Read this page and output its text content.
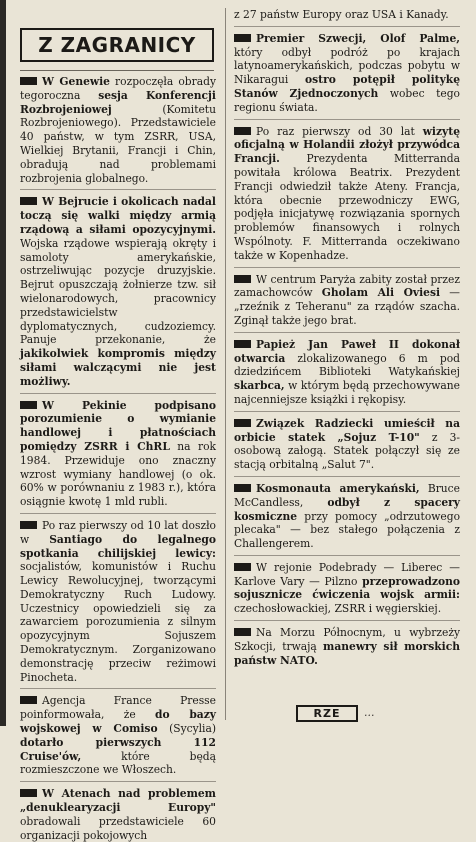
Z ZAGRANICY

W Genewie rozpoczęła obrady tegoroczna sesja Konferencji Rozbrojeniowej (Komitetu Rozbrojeniowego). Przedstawiciele 40 państw, w tym ZSRR, USA, Wielkiej Brytanii, Francji i Chin, obradują nad problemami rozbrojenia globalnego.

W Bejrucie i okolicach nadal toczą się walki między armią rządową a siłami opozycyjnymi. Wojska rządowe wspierają okręty i samoloty amerykańskie, ostrzeliwując pozycje druzyjskie. Bejrut opuszczają żołnierze tzw. sił wielonarodowych, pracownicy przedstawicielstw dyplomatycznych, cudzoziemcy. Panuje przekonanie, że jakikolwiek kompromis między siłami walczącymi nie jest możliwy.

W Pekinie podpisano porozumienie o wymianie handlowej i płatnościach pomiędzy ZSRR i ChRL na rok 1984. Przewiduje ono znaczny wzrost wymiany handlowej (o ok. 60% w porównaniu z 1983 r.), która osiągnie kwotę 1 mld rubli.

Po raz pierwszy od 10 lat doszło w Santiago do legalnego spotkania chilijskiej lewicy: socjalistów, komunistów i Ruchu Lewicy Rewolucyjnej, tworzącymi Demokratyczny Ruch Ludowy. Uczestnicy opowiedzieli się za zawarciem porozumienia z silnym opozycyjnym Sojuszem Demokratycznym. Zorganizowano demonstrację przeciw reżimowi Pinocheta.

Agencja France Presse poinformowała, że do bazy wojskowej w Comiso (Sycylia) dotarło pierwszych 112 Cruise'ów, które będą rozmieszczone we Włoszech.

W Atenach nad problemem „denuklearyzacji Europy" obradowali przedstawiciele 60 organizacji pokojowych

z 27 państw Europy oraz USA i Kanady.

Premier Szwecji, Olof Palme, który odbył podróż po krajach latynoamerykańskich, podczas pobytu w Nikaragui ostro potępił politykę Stanów Zjednoczonych wobec tego regionu świata.

Po raz pierwszy od 30 lat wizytę oficjalną w Holandii złożył przywódca Francji. Prezydenta Mitterranda powitała królowa Beatrix. Prezydent Francji odwiedził także Ateny. Francja, która obecnie przewodniczy EWG, podjęła inicjatywę rozwiązania spornych problemów finansowych i rolnych Wspólnoty. F. Mitterranda oczekiwano także w Kopenhadze.

W centrum Paryża zabity został przez zamachowców Gholam Ali Oviesi — „rzeźnik z Teheranu" za rządów szacha. Zginął także jego brat.

Papież Jan Paweł II dokonał otwarcia zlokalizowanego 6 m pod dziedzińcem Biblioteki Watykańskiej skarbca, w którym będą przechowywane najcenniejsze książki i rękopisy.

Związek Radziecki umieścił na orbicie statek „Sojuz T-10" z 3-osobową załogą. Statek połączył się ze stacją orbitalną „Salut 7".

Kosmonauta amerykański, Bruce McCandless, odbył z spacery kosmiczne przy pomocy „odrzutowego plecaka" — bez stałego połączenia z Challengerem.

W rejonie Podebrady — Liberec — Karlove Vary — Pilzno przeprowadzono sojusznicze ćwiczenia wojsk armii: czechosłowackiej, ZSRR i węgierskiej.

Na Morzu Północnym, u wybrzeży Szkocji, trwają manewry sił morskich państw NATO.

RZE	...
